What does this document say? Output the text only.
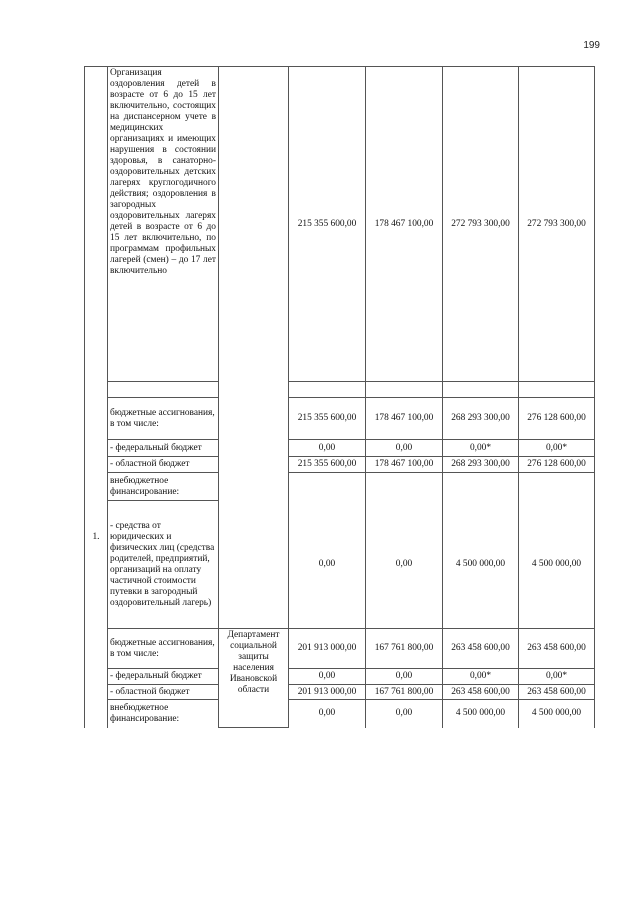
199
1.	Организация оздоровления детей в возрасте от 6 до 15 лет включительно, состоящих на диспансерном учете в медицинских организациях и имеющих нарушения в состоянии здоровья, в санаторно-оздоровительных детских лагерях круглогодичного действия; оздоровления в загородных оздоровительных лагерях детей в возрасте от 6 до 15 лет включительно, по программам профильных лагерей (смен) – до 17 лет включительно		215 355 600,00	178 467 100,00	272 793 300,00	272 793 300,00

	бюджетные ассигнования, в том числе:		215 355 600,00	178 467 100,00	268 293 300,00	276 128 600,00
	- федеральный бюджет		0,00	0,00	0,00*	0,00*
	- областной бюджет		215 355 600,00	178 467 100,00	268 293 300,00	276 128 600,00
	внебюджетное финансирование:					
	- средства от юридических и физических лиц (средства родителей, предприятий, организаций на оплату частичной стоимости путевки в загородный оздоровительный лагерь)		0,00	0,00	4 500 000,00	4 500 000,00
	бюджетные ассигнования, в том числе:	Департамент социальной защиты населения Ивановской области	201 913 000,00	167 761 800,00	263 458 600,00	263 458 600,00
	- федеральный бюджет		0,00	0,00	0,00*	0,00*
	- областной бюджет		201 913 000,00	167 761 800,00	263 458 600,00	263 458 600,00
	внебюджетное финансирование:		0,00	0,00	4 500 000,00	4 500 000,00
